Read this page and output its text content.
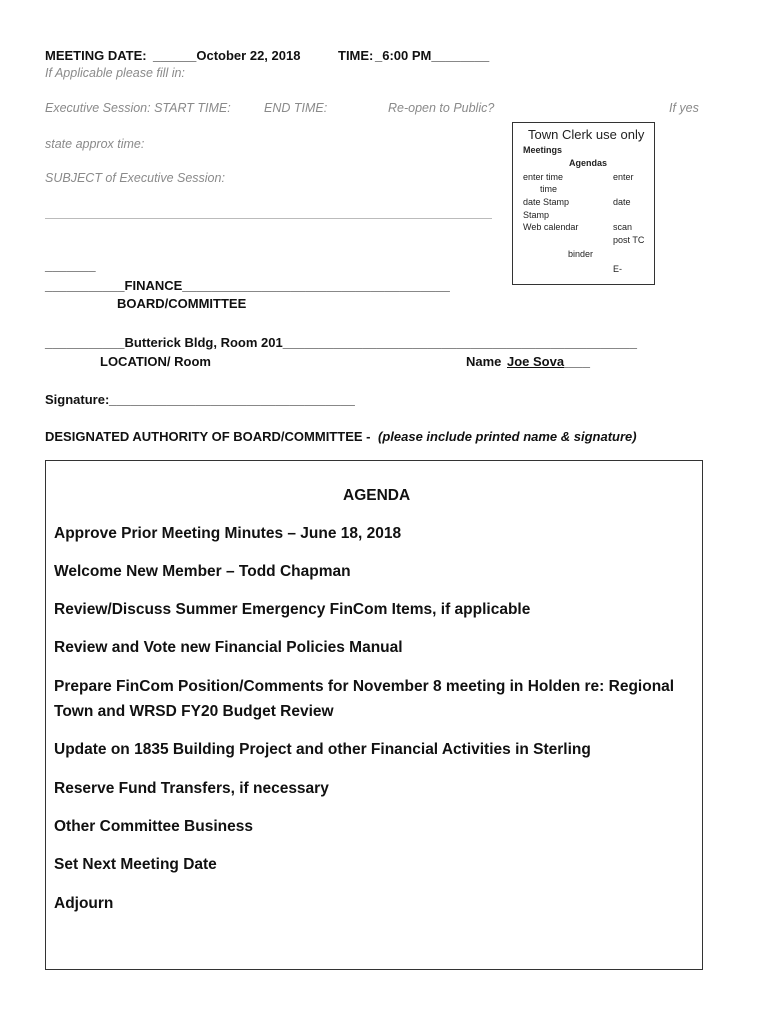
MEETING DATE: ______October 22, 2018	TIME: _6:00 PM________
If Applicable please fill in:
Executive Session: START TIME:	END TIME:	Re-open to Public?	If yes
state approx time:
SUBJECT of Executive Session:
Town Clerk use only
Meetings
Agendas
enter time	enter
time
date Stamp	date
Stamp
Web calendar	scan
post TC
binder
E-
_______
___________FINANCE_____________________________________
BOARD/COMMITTEE
___________Butterick Bldg, Room 201_________________________________________________
LOCATION/ Room	Name Joe Sova
____
Signature: __________________________________
DESIGNATED AUTHORITY OF BOARD/COMMITTEE - (please include printed name & signature)
AGENDA
Approve Prior Meeting Minutes – June 18, 2018
Welcome New Member – Todd Chapman
Review/Discuss Summer Emergency FinCom Items, if applicable
Review and Vote new Financial Policies Manual
Prepare FinCom Position/Comments for November 8 meeting in Holden re: Regional
Town and WRSD FY20 Budget Review
Update on 1835 Building Project and other Financial Activities in Sterling
Reserve Fund Transfers, if necessary
Other Committee Business
Set Next Meeting Date
Adjourn
